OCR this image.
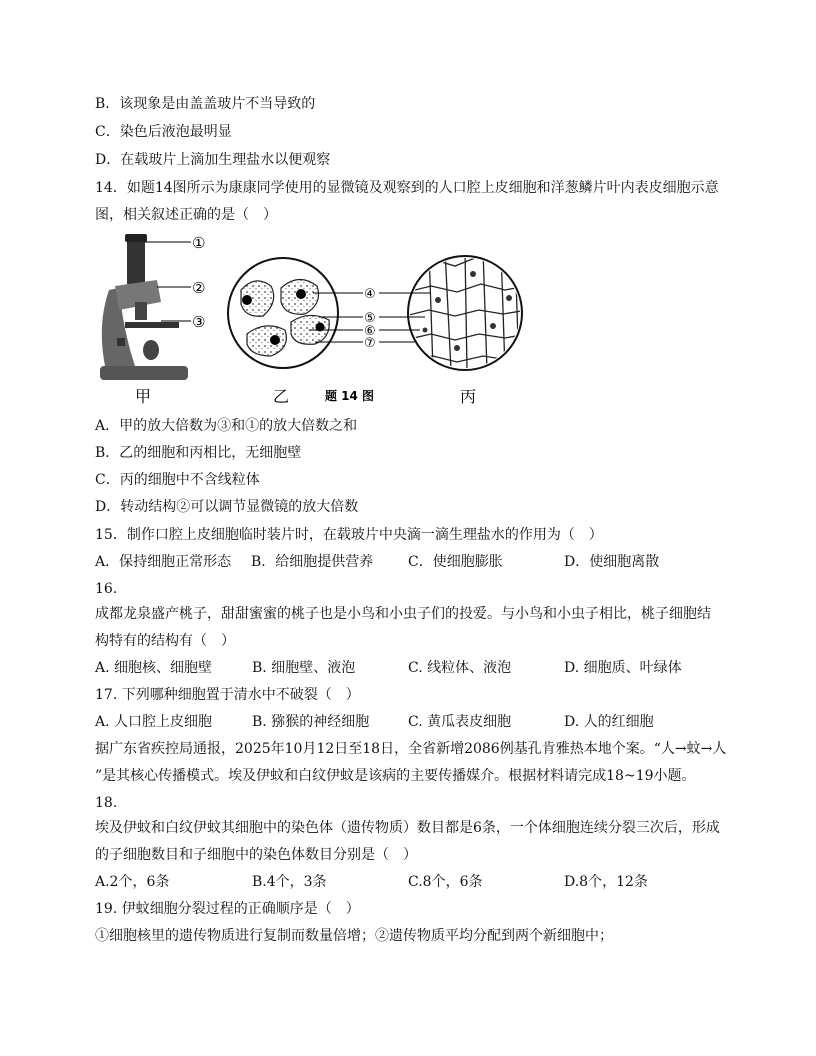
B．该现象是由盖盖玻片不当导致的
C．染色后液泡最明显
D．在载玻片上滴加生理盐水以便观察
14．如题14图所示为康康同学使用的显微镜及观察到的人口腔上皮细胞和洋葱鳞片叶内表皮细胞示意
图，相关叙述正确的是（　）
①
②
③
④
⑤
⑥
⑦
甲	乙	题 14 图	丙
A．甲的放大倍数为③和①的放大倍数之和
B．乙的细胞和丙相比，无细胞壁
C．丙的细胞中不含线粒体
D．转动结构②可以调节显微镜的放大倍数
15．制作口腔上皮细胞临时装片时，在载玻片中央滴一滴生理盐水的作用为（　）
A．保持细胞正常形态 B．给细胞提供营养 C．使细胞膨胀	D．使细胞离散
16.
成都龙泉盛产桃子，甜甜蜜蜜的桃子也是小鸟和小虫子们的投爱。与小鸟和小虫子相比，桃子细胞结
构特有的结构有（　）
A. 细胞核、细胞壁	B. 细胞壁、液泡	C. 线粒体、液泡	D. 细胞质、叶绿体
17. 下列哪种细胞置于清水中不破裂（　）
A. 人口腔上皮细胞	B. 猕猴的神经细胞	C. 黄瓜表皮细胞	D. 人的红细胞
据广东省疾控局通报，2025年10月12日至18日，全省新增2086例基孔肯雅热本地个案。“人→蚊→人
”是其核心传播模式。埃及伊蚊和白纹伊蚊是该病的主要传播媒介。根据材料请完成18~19小题。
18.
埃及伊蚊和白纹伊蚊其细胞中的染色体（遗传物质）数目都是6条，一个体细胞连续分裂三次后，形成
的子细胞数目和子细胞中的染色体数目分别是（　）
A.2个，6条	B.4个，3条	C.8个，6条	D.8个，12条
19. 伊蚊细胞分裂过程的正确顺序是（　）
①细胞核里的遗传物质进行复制而数量倍增；②遗传物质平均分配到两个新细胞中；
